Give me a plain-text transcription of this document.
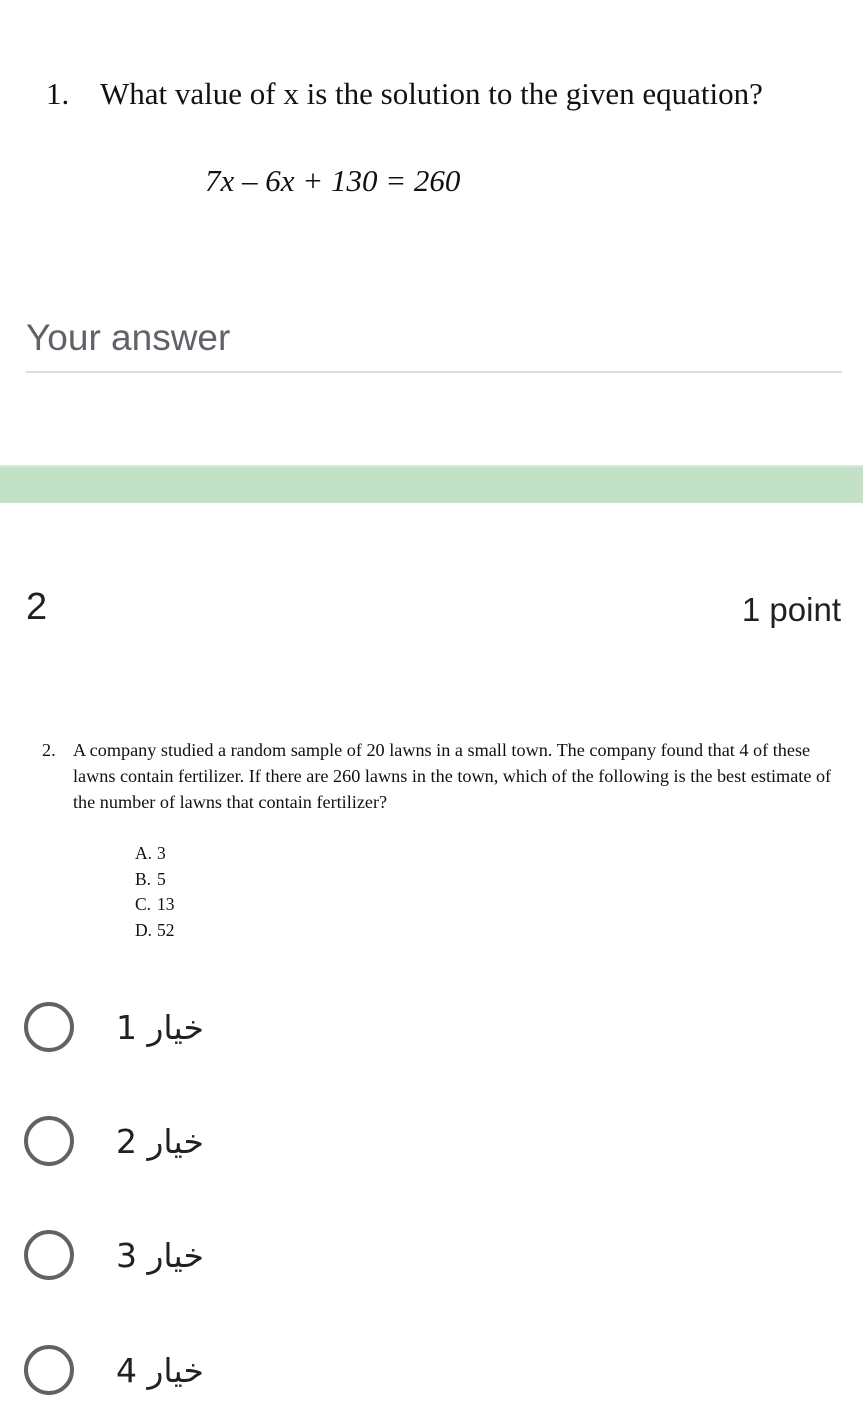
1. What value of x is the solution to the given equation?
7x – 6x + 130 = 260
Your answer
2	1 point
2. A company studied a random sample of 20 lawns in a small town. The company found that 4 of these lawns contain fertilizer. If there are 260 lawns in the town, which of the following is the best estimate of the number of lawns that contain fertilizer?
A. 3
B. 5
C. 13
D. 52
خيار 1
خيار 2
خيار 3
خيار 4
